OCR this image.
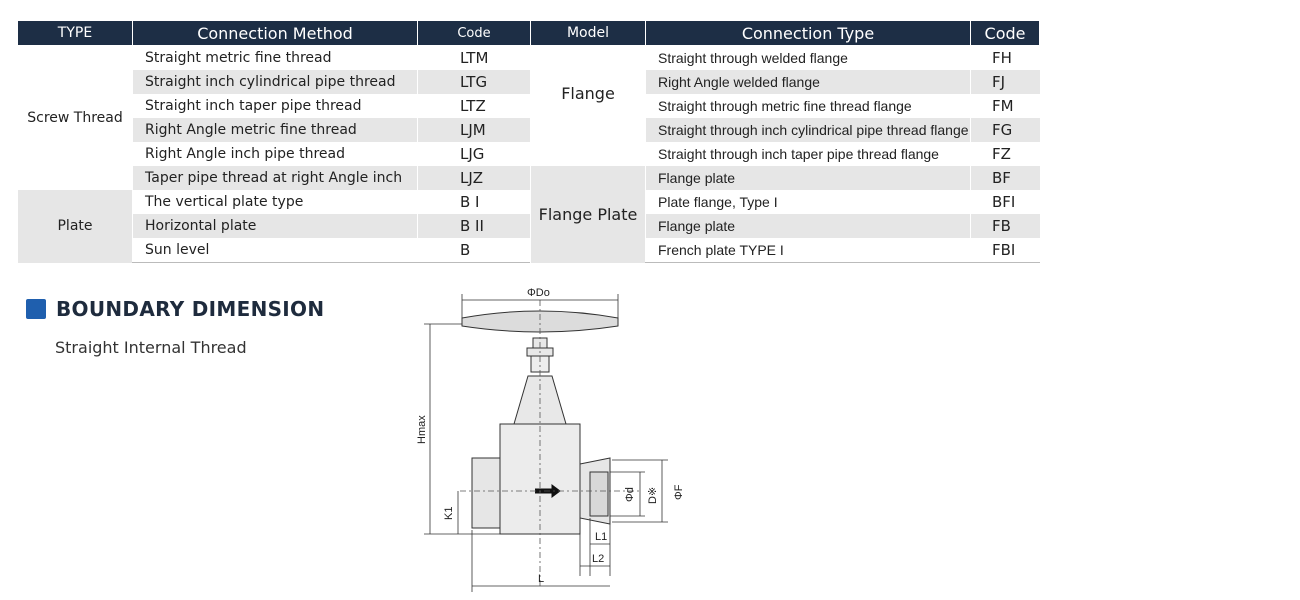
TYPE	Connection Method	Code	Model	Connection Type	Code
Screw Thread	Straight metric fine thread	LTM	Flange	Straight through welded flange	FH
	Straight inch cylindrical pipe thread	LTG		Right Angle welded flange	FJ
	Straight inch taper pipe thread	LTZ		Straight through metric fine thread flange	FM
	Right Angle metric fine thread	LJM		Straight through inch cylindrical pipe thread flange	FG
	Right Angle inch pipe thread	LJG		Straight through inch taper pipe thread flange	FZ
	Taper pipe thread at right Angle inch	LJZ	Flange Plate	Flange plate	BF
Plate	The vertical plate type	B I		Plate flange, Type I	BFI
	Horizontal plate	B II		Flange plate	FB
	Sun level	B		French plate TYPE I	FBI
BOUNDARY DIMENSION
Straight Internal Thread
ΦDo
Hmax
K1
Φd D※ ΦF
L1
L2
L
